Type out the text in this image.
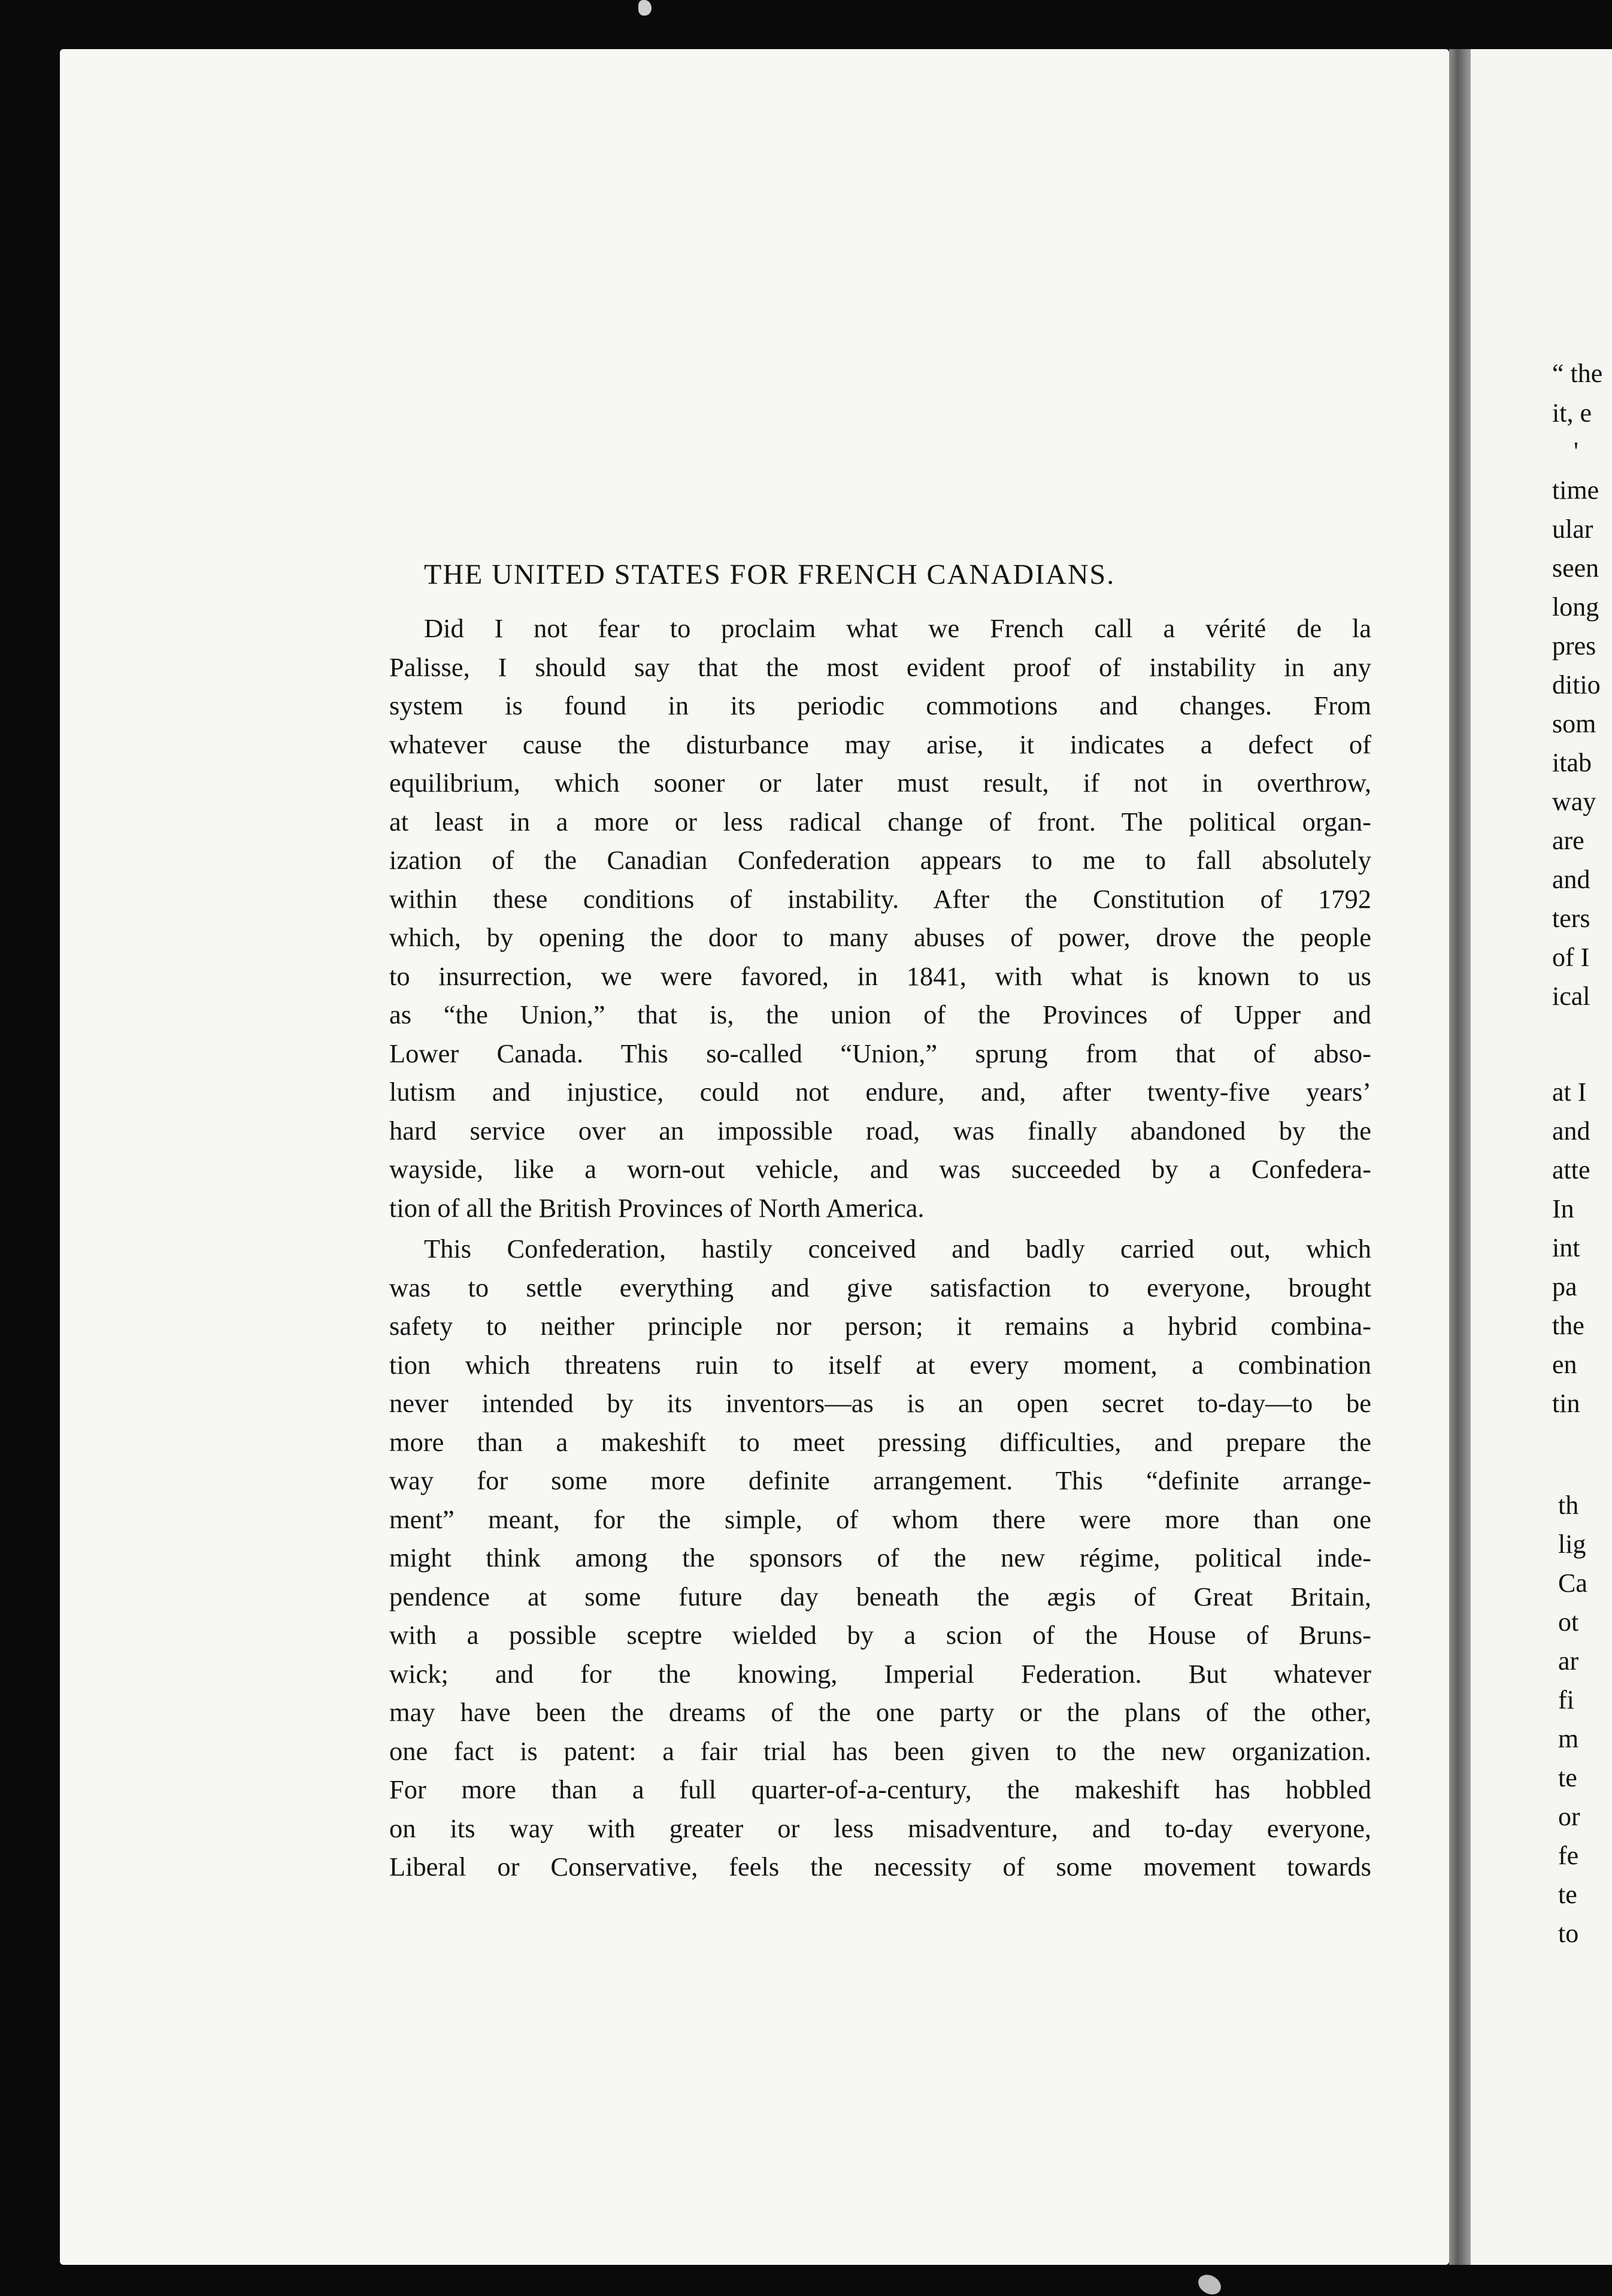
“ the
it, e
'
time
ular
seen
long
pres
ditio
som
itab
way
are
and
ters
of I
ical
at I
and
atte
In
int
pa
the
en
tin
th
lig
Ca
ot
ar
fi
m
te
or
fe
te
to
THE UNITED STATES FOR FRENCH CANADIANS.
Did I not fear to proclaim what we French call a vérité de la
Palisse, I should say that the most evident proof of instability in any
system is found in its periodic commotions and changes. From
whatever cause the disturbance may arise, it indicates a defect of
equilibrium, which sooner or later must result, if not in overthrow,
at least in a more or less radical change of front. The political organ-
ization of the Canadian Confederation appears to me to fall absolutely
within these conditions of instability. After the Constitution of 1792
which, by opening the door to many abuses of power, drove the people
to insurrection, we were favored, in 1841, with what is known to us
as “the Union,” that is, the union of the Provinces of Upper and
Lower Canada. This so-called “Union,” sprung from that of abso-
lutism and injustice, could not endure, and, after twenty-five years’
hard service over an impossible road, was finally abandoned by the
wayside, like a worn-out vehicle, and was succeeded by a Confedera-
tion of all the British Provinces of North America.
This Confederation, hastily conceived and badly carried out, which
was to settle everything and give satisfaction to everyone, brought
safety to neither principle nor person; it remains a hybrid combina-
tion which threatens ruin to itself at every moment, a combination
never intended by its inventors—as is an open secret to-day—to be
more than a makeshift to meet pressing difficulties, and prepare the
way for some more definite arrangement. This “definite arrange-
ment” meant, for the simple, of whom there were more than one
might think among the sponsors of the new régime, political inde-
pendence at some future day beneath the ægis of Great Britain,
with a possible sceptre wielded by a scion of the House of Bruns-
wick; and for the knowing, Imperial Federation. But whatever
may have been the dreams of the one party or the plans of the other,
one fact is patent: a fair trial has been given to the new organization.
For more than a full quarter-of-a-century, the makeshift has hobbled
on its way with greater or less misadventure, and to-day everyone,
Liberal or Conservative, feels the necessity of some movement towards
